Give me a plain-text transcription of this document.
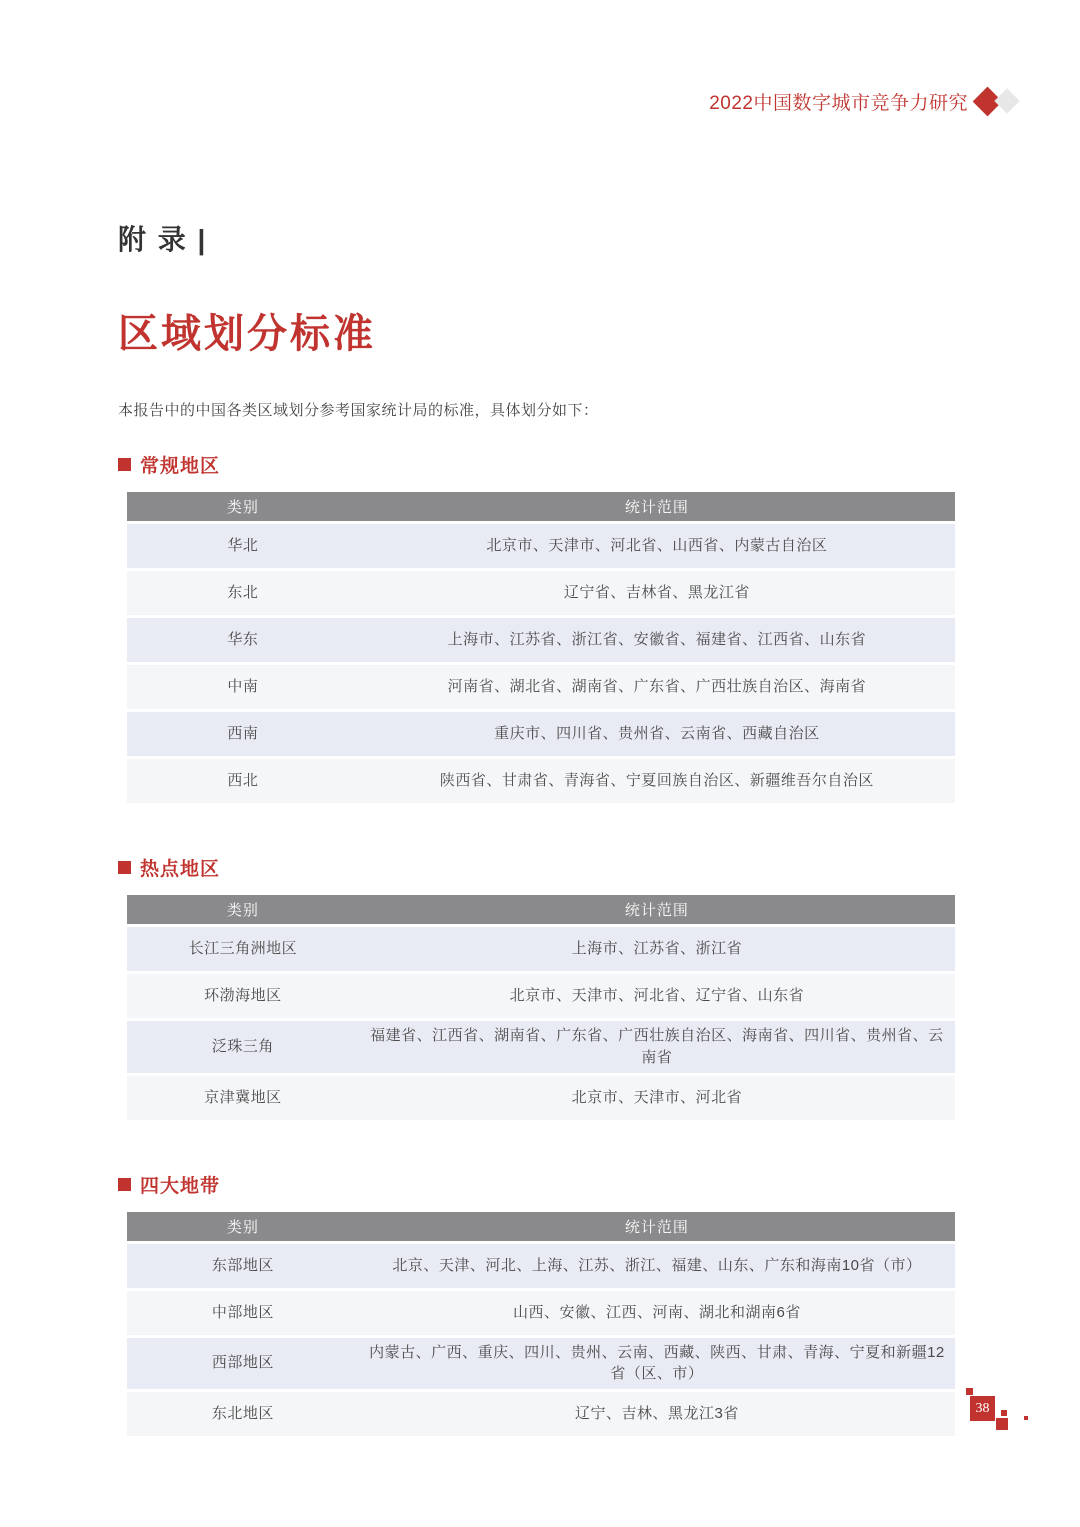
2022中国数字城市竞争力研究
附 录 |
区域划分标准

本报告中的中国各类区域划分参考国家统计局的标准，具体划分如下：

常规地区
类别	统计范围
华北	北京市、天津市、河北省、山西省、内蒙古自治区
东北	辽宁省、吉林省、黑龙江省
华东	上海市、江苏省、浙江省、安徽省、福建省、江西省、山东省
中南	河南省、湖北省、湖南省、广东省、广西壮族自治区、海南省
西南	重庆市、四川省、贵州省、云南省、西藏自治区
西北	陕西省、甘肃省、青海省、宁夏回族自治区、新疆维吾尔自治区
热点地区
类别	统计范围
长江三角洲地区	上海市、江苏省、浙江省
环渤海地区	北京市、天津市、河北省、辽宁省、山东省
泛珠三角	福建省、江西省、湖南省、广东省、广西壮族自治区、海南省、四川省、贵州省、云南省
京津冀地区	北京市、天津市、河北省
四大地带
类别	统计范围
东部地区	北京、天津、河北、上海、江苏、浙江、福建、山东、广东和海南10省（市）
中部地区	山西、安徽、江西、河南、湖北和湖南6省
西部地区	内蒙古、广西、重庆、四川、贵州、云南、西藏、陕西、甘肃、青海、宁夏和新疆12省（区、市）
东北地区	辽宁、吉林、黑龙江3省	38
